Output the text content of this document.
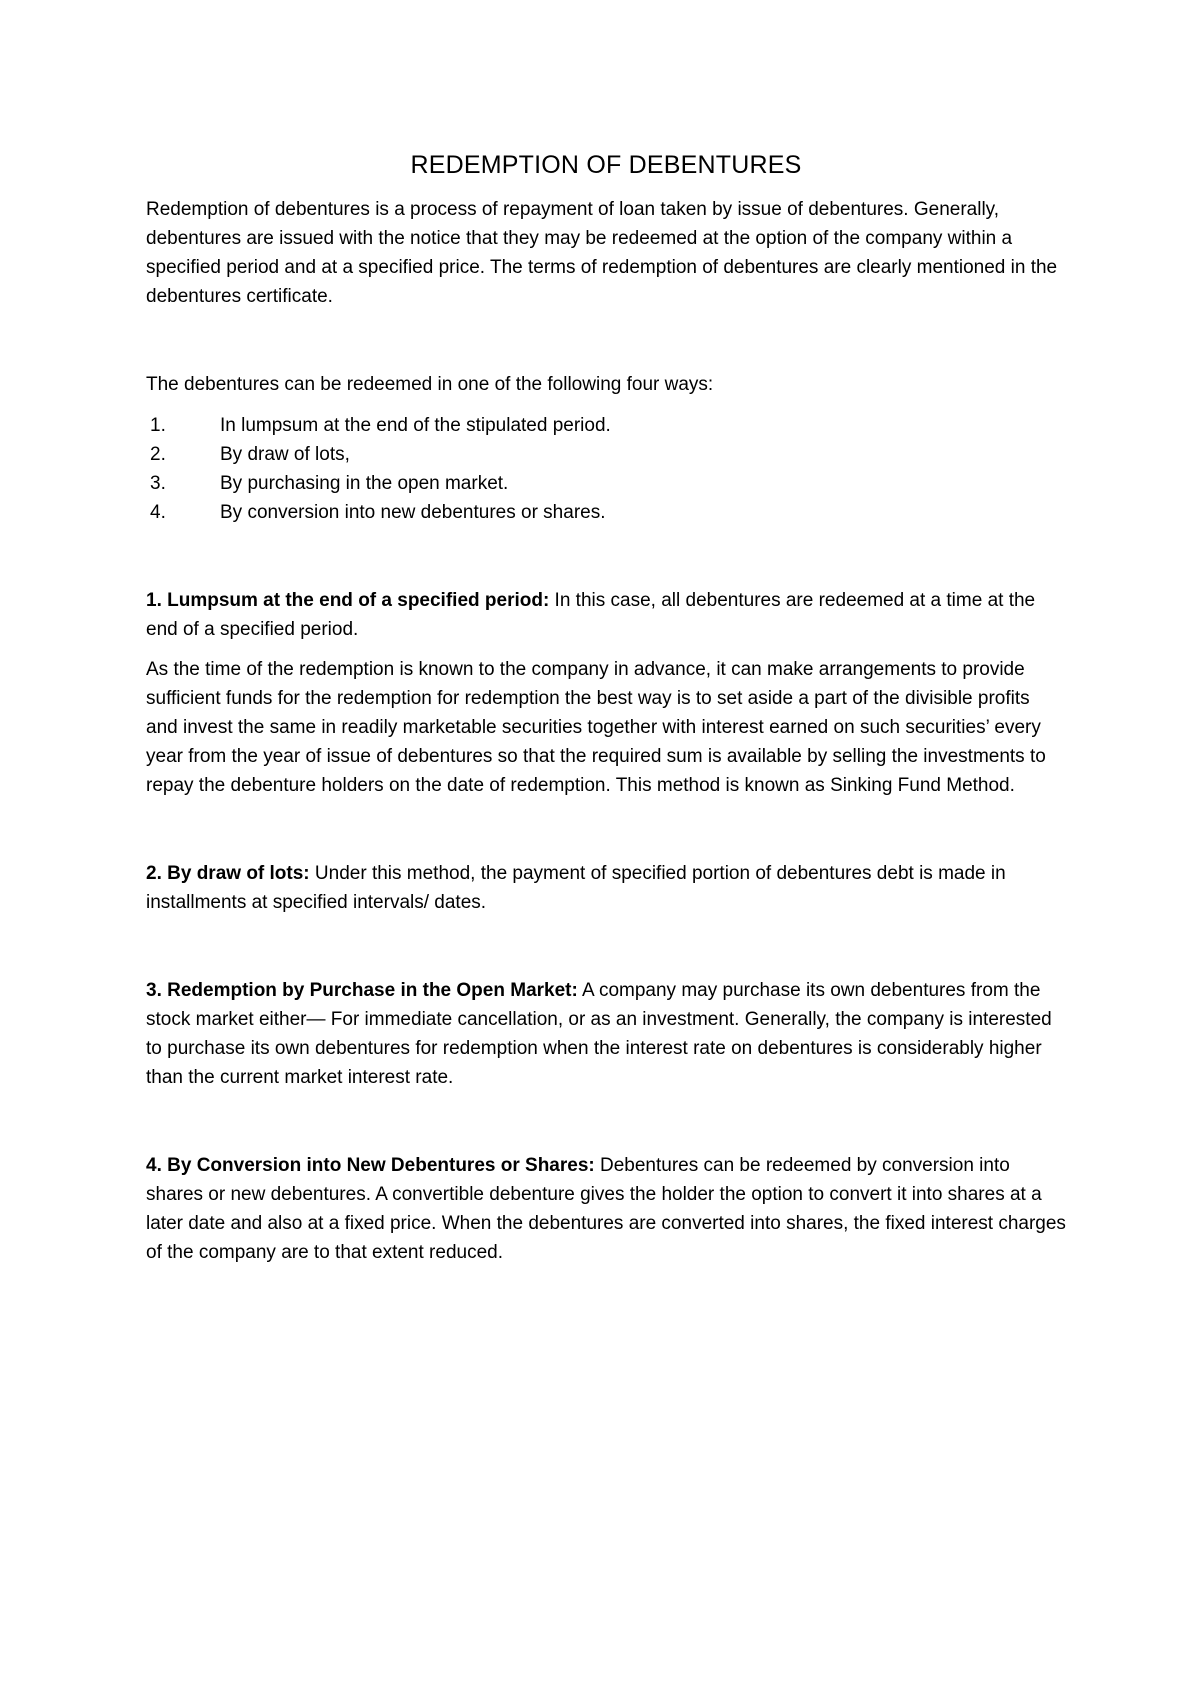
REDEMPTION OF DEBENTURES

Redemption of debentures is a process of repayment of loan taken by issue of debentures. Generally, debentures are issued with the notice that they may be redeemed at the option of the company within a specified period and at a specified price. The terms of redemption of debentures are clearly mentioned in the debentures certificate.

The debentures can be redeemed in one of the following four ways:

1.	In lumpsum at the end of the stipulated period.
2.	By draw of lots,
3.	By purchasing in the open market.
4.	By conversion into new debentures or shares.

1. Lumpsum at the end of a specified period: In this case, all debentures are redeemed at a time at the end of a specified period.

As the time of the redemption is known to the company in advance, it can make arrangements to provide sufficient funds for the redemption for redemption the best way is to set aside a part of the divisible profits and invest the same in readily marketable securities together with interest earned on such securities’ every year from the year of issue of debentures so that the required sum is available by selling the investments to repay the debenture holders on the date of redemption. This method is known as Sinking Fund Method.

2. By draw of lots: Under this method, the payment of specified portion of debentures debt is made in installments at specified intervals/ dates.

3. Redemption by Purchase in the Open Market: A company may purchase its own debentures from the stock market either— For immediate cancellation, or as an investment. Generally, the company is interested to purchase its own debentures for redemption when the interest rate on debentures is considerably higher than the current market interest rate.

4. By Conversion into New Debentures or Shares: Debentures can be redeemed by conversion into shares or new debentures. A convertible debenture gives the holder the option to convert it into shares at a later date and also at a fixed price. When the debentures are converted into shares, the fixed interest charges of the company are to that extent reduced.
